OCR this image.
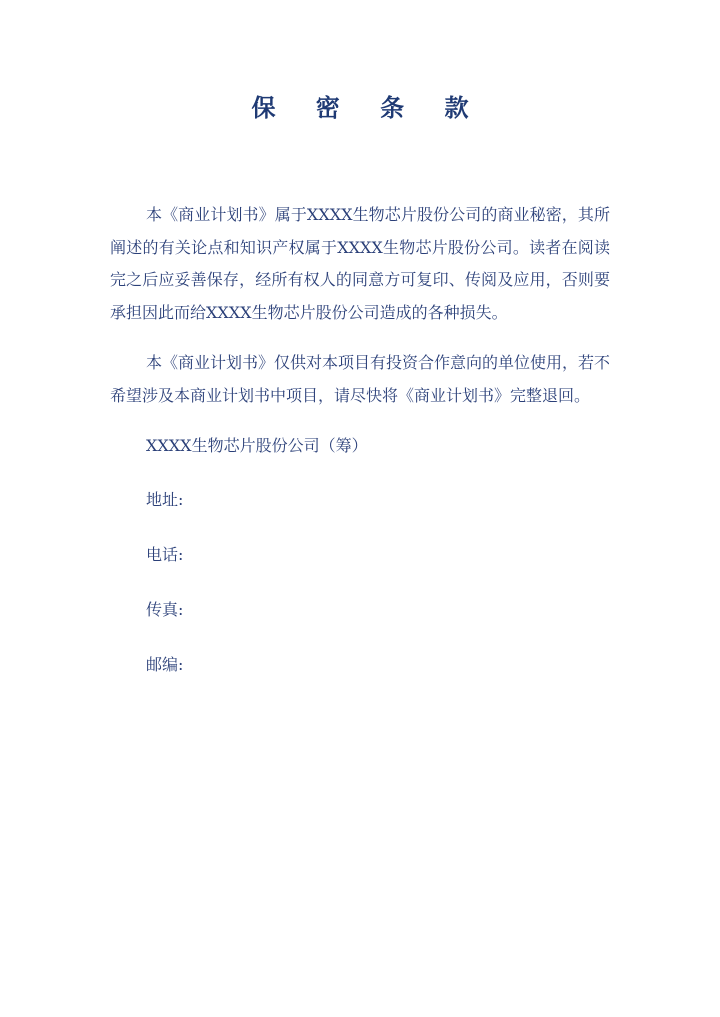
保 密 条 款

本《商业计划书》属于XXXX生物芯片股份公司的商业秘密，其所阐述的有关论点和知识产权属于XXXX生物芯片股份公司。读者在阅读完之后应妥善保存，经所有权人的同意方可复印、传阅及应用，否则要承担因此而给XXXX生物芯片股份公司造成的各种损失。

本《商业计划书》仅供对本项目有投资合作意向的单位使用，若不希望涉及本商业计划书中项目，请尽快将《商业计划书》完整退回。

XXXX生物芯片股份公司（筹）

地址:

电话:

传真:

邮编:
